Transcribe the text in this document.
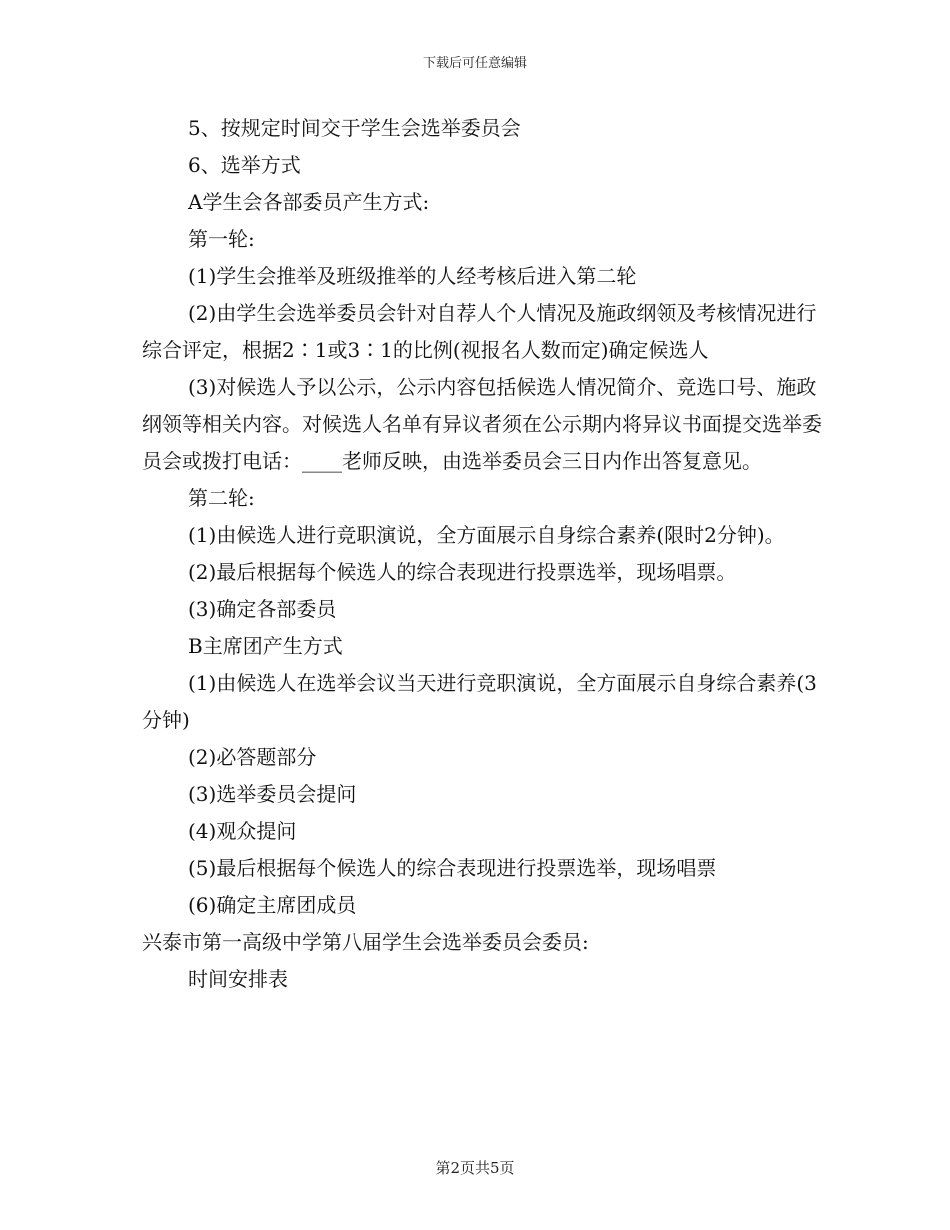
下载后可任意编辑

5、按规定时间交于学生会选举委员会

6、选举方式

A学生会各部委员产生方式:

第一轮:

(1)学生会推举及班级推举的人经考核后进入第二轮

(2)由学生会选举委员会针对自荐人个人情况及施政纲领及考核情况进行综合评定，根据2∶1或3∶1的比例(视报名人数而定)确定候选人

(3)对候选人予以公示，公示内容包括候选人情况简介、竞选口号、施政纲领等相关内容。对候选人名单有异议者须在公示期内将异议书面提交选举委员会或拨打电话：____老师反映，由选举委员会三日内作出答复意见。

第二轮:

(1)由候选人进行竞职演说，全方面展示自身综合素养(限时2分钟)。

(2)最后根据每个候选人的综合表现进行投票选举，现场唱票。

(3)确定各部委员

B主席团产生方式

(1)由候选人在选举会议当天进行竞职演说，全方面展示自身综合素养(3分钟)

(2)必答题部分

(3)选举委员会提问

(4)观众提问

(5)最后根据每个候选人的综合表现进行投票选举，现场唱票

(6)确定主席团成员

兴泰市第一高级中学第八届学生会选举委员会委员:

时间安排表

第2页共5页
